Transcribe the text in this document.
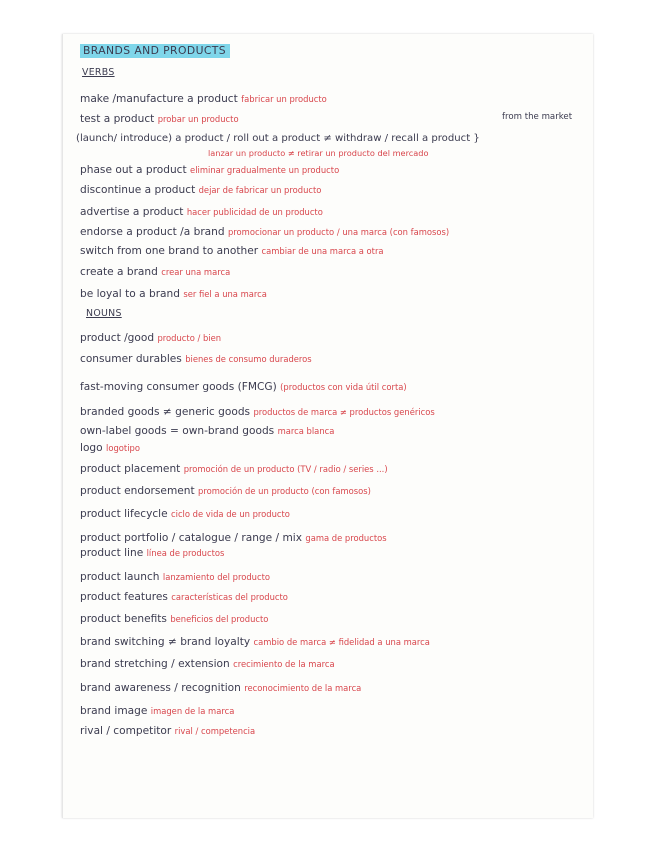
BRANDS AND PRODUCTS
VERBS
make /manufacture a product fabricar un producto
test a product probar un producto	from the market
(launch/ introduce) a product / roll out a product ≠ withdraw / recall a product }
lanzar un producto ≠ retirar un producto del mercado
phase out a product eliminar gradualmente un producto
discontinue a product dejar de fabricar un producto
advertise a product hacer publicidad de un producto
endorse a product /a brand promocionar un producto / una marca (con famosos)
switch from one brand to another cambiar de una marca a otra
create a brand crear una marca
be loyal to a brand ser fiel a una marca
NOUNS
product /good producto / bien
consumer durables bienes de consumo duraderos
fast-moving consumer goods (FMCG) (productos con vida útil corta)
branded goods ≠ generic goods productos de marca ≠ productos genéricos
own-label goods = own-brand goods marca blanca
logo logotipo
product placement promoción de un producto (TV / radio / series ...)
product endorsement promoción de un producto (con famosos)
product lifecycle ciclo de vida de un producto
product portfolio / catalogue / range / mix gama de productos
product line línea de productos
product launch lanzamiento del producto
product features características del producto
product benefits beneficios del producto
brand switching ≠ brand loyalty cambio de marca ≠ fidelidad a una marca
brand stretching / extension crecimiento de la marca
brand awareness / recognition reconocimiento de la marca
brand image imagen de la marca
rival / competitor rival / competencia
